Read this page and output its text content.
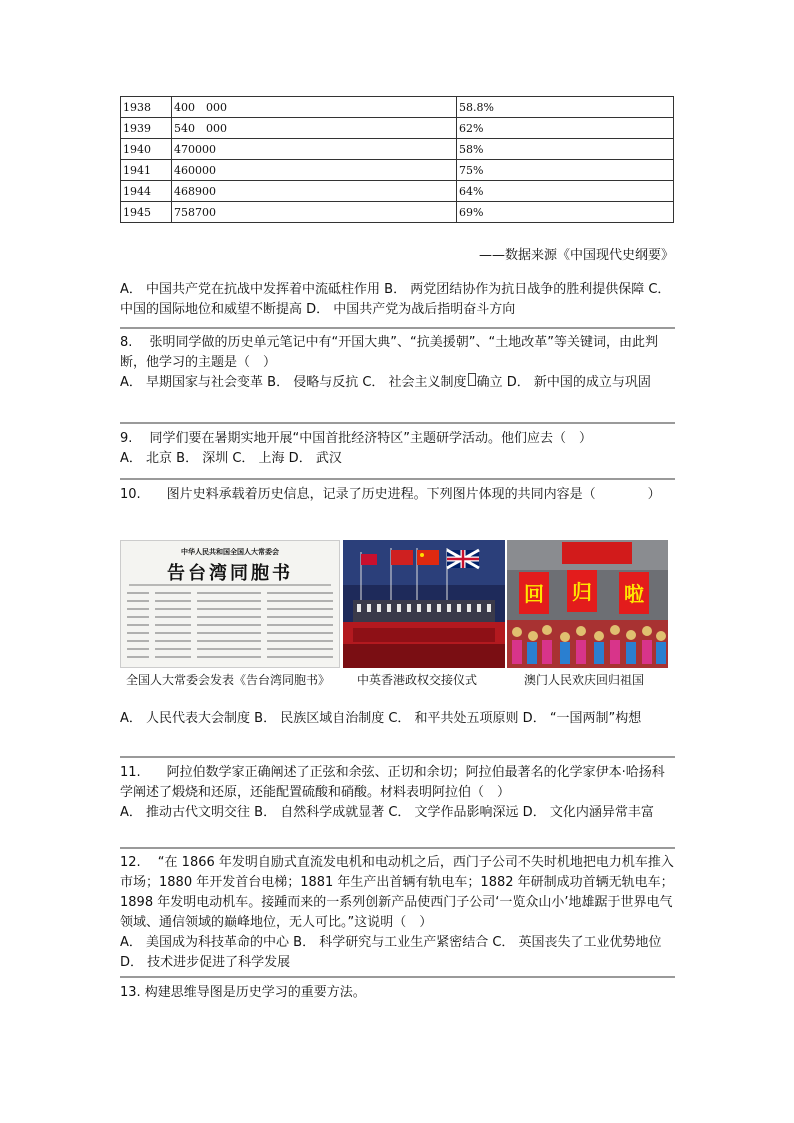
1938	400　000	58.8%
1939	540　000	62%
1940	470000	58%
1941	460000	75%
1944	468900	64%
1945	758700	69%
——数据来源《中国现代史纲要》

A． 中国共产党在抗战中发挥着中流砥柱作用 B． 两党团结协作为抗日战争的胜利提供保障 C． 中国的国际地位和威望不断提高 D． 中国共产党为战后指明奋斗方向

8.　 张明同学做的历史单元笔记中有“开国大典”、“抗美援朝”、“土地改革”等关键词，由此判断，他学习的主题是（　）

A． 早期国家与社会变革 B． 侵略与反抗 C． 社会主义制度 确立 D． 新中国的成立与巩固

9.　 同学们要在暑期实地开展“中国首批经济特区”主题研学活动。他们应去（　）

A． 北京 B． 深圳 C． 上海 D． 武汉

10.　　图片史料承载着历史信息，记录了历史进程。下列图片体现的共同内容是（　　　　）

中华人民共和国全国人大常委会
告台湾同胞书
回 归 啦
全国人大常委会发表《告台湾同胞书》 中英香港政权交接仪式	澳门人民欢庆回归祖国

A． 人民代表大会制度 B． 民族区域自治制度 C． 和平共处五项原则 D． “一国两制”构想

11.　　阿拉伯数学家正确阐述了正弦和余弦、正切和余切；阿拉伯最著名的化学家伊本·哈扬科学阐述了煅烧和还原，还能配置硫酸和硝酸。材料表明阿拉伯（　）

A． 推动古代文明交往 B． 自然科学成就显著 C． 文学作品影响深远 D． 文化内涵异常丰富

12.　 “在 1866 年发明自励式直流发电机和电动机之后，西门子公司不失时机地把电力机车推入市场；1880 年开发首台电梯；1881 年生产出首辆有轨电车；1882 年研制成功首辆无轨电车；1898 年发明电动机车。接踵而来的一系列创新产品使西门子公司‘一览众山小’地雄踞于世界电气领域、通信领域的巅峰地位，无人可比。”这说明（　）

A． 美国成为科技革命的中心 B． 科学研究与工业生产紧密结合 C． 英国丧失了工业优势地位 D． 技术进步促进了科学发展

13. 构建思维导图是历史学习的重要方法。
